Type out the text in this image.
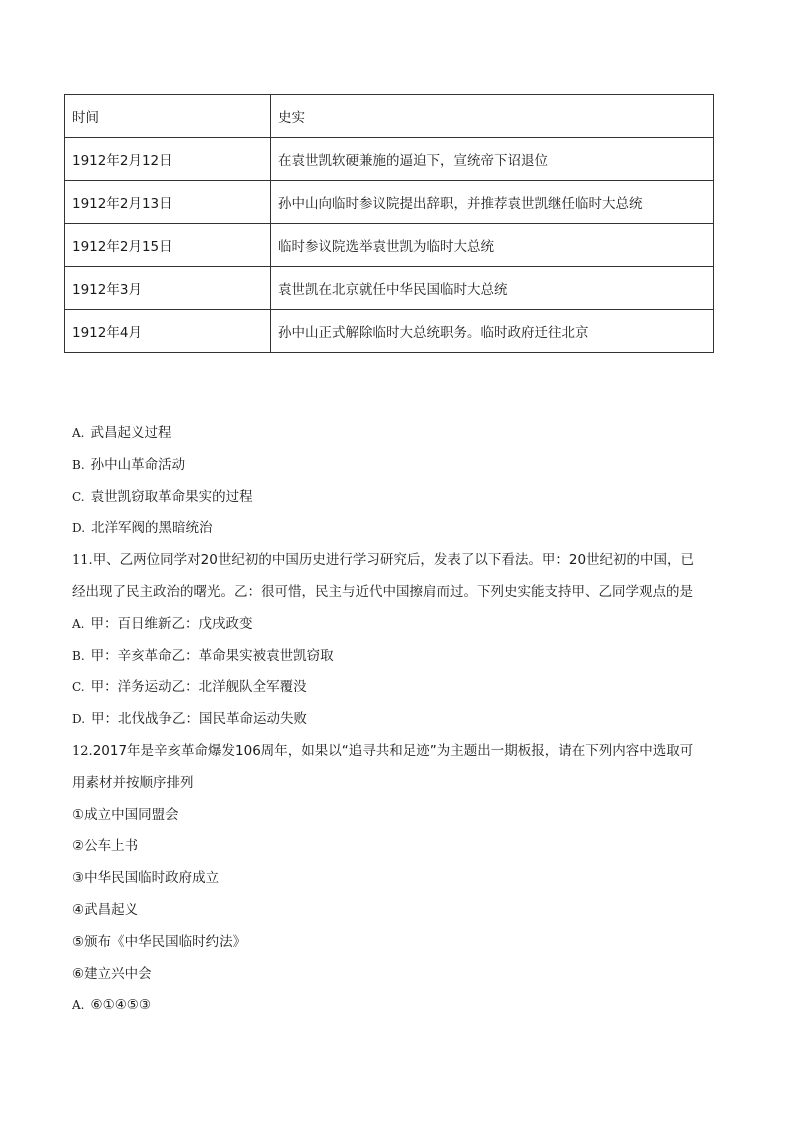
时间	史实
1912年2月12日	在袁世凯软硬兼施的逼迫下，宣统帝下诏退位
1912年2月13日	孙中山向临时参议院提出辞职，并推荐袁世凯继任临时大总统
1912年2月15日	临时参议院选举袁世凯为临时大总统
1912年3月	袁世凯在北京就任中华民国临时大总统
1912年4月	孙中山正式解除临时大总统职务。临时政府迁往北京
A. 武昌起义过程
B. 孙中山革命活动
C. 袁世凯窃取革命果实的过程
D. 北洋军阀的黑暗统治
11.甲、乙两位同学对20世纪初的中国历史进行学习研究后，发表了以下看法。甲：20世纪初的中国，已
经出现了民主政治的曙光。乙：很可惜，民主与近代中国擦肩而过。下列史实能支持甲、乙同学观点的是
A. 甲：百日维新乙：戊戌政变
B. 甲：辛亥革命乙：革命果实被袁世凯窃取
C. 甲：洋务运动乙：北洋舰队全军覆没
D. 甲：北伐战争乙：国民革命运动失败
12.2017年是辛亥革命爆发106周年，如果以“追寻共和足迹”为主题出一期板报，请在下列内容中选取可
用素材并按顺序排列
①成立中国同盟会
②公车上书
③中华民国临时政府成立
④武昌起义
⑤颁布《中华民国临时约法》
⑥建立兴中会
A. ⑥①④⑤③
